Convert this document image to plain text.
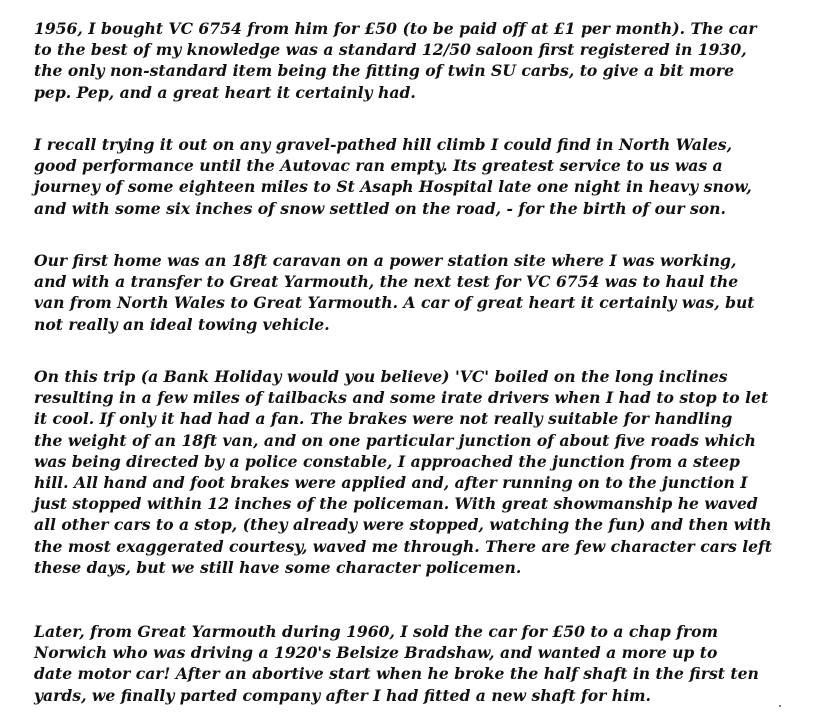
1956, I bought VC 6754 from him for £50 (to be paid off at £1 per month). The car
to the best of my knowledge was a standard 12/50 saloon first registered in 1930,
the only non-standard item being the fitting of twin SU carbs, to give a bit more
pep. Pep, and a great heart it certainly had.

I recall trying it out on any gravel-pathed hill climb I could find in North Wales,
good performance until the Autovac ran empty. Its greatest service to us was a
journey of some eighteen miles to St Asaph Hospital late one night in heavy snow,
and with some six inches of snow settled on the road, - for the birth of our son.

Our first home was an 18ft caravan on a power station site where I was working,
and with a transfer to Great Yarmouth, the next test for VC 6754 was to haul the
van from North Wales to Great Yarmouth. A car of great heart it certainly was, but
not really an ideal towing vehicle.

On this trip (a Bank Holiday would you believe) 'VC' boiled on the long inclines
resulting in a few miles of tailbacks and some irate drivers when I had to stop to let
it cool. If only it had had a fan. The brakes were not really suitable for handling
the weight of an 18ft van, and on one particular junction of about five roads which
was being directed by a police constable, I approached the junction from a steep
hill. All hand and foot brakes were applied and, after running on to the junction I
just stopped within 12 inches of the policeman. With great showmanship he waved
all other cars to a stop, (they already were stopped, watching the fun) and then with
the most exaggerated courtesy, waved me through. There are few character cars left
these days, but we still have some character policemen.

Later, from Great Yarmouth during 1960, I sold the car for £50 to a chap from
Norwich who was driving a 1920's Belsize Bradshaw, and wanted a more up to
date motor car! After an abortive start when he broke the half shaft in the first ten
yards, we finally parted company after I had fitted a new shaft for him.
